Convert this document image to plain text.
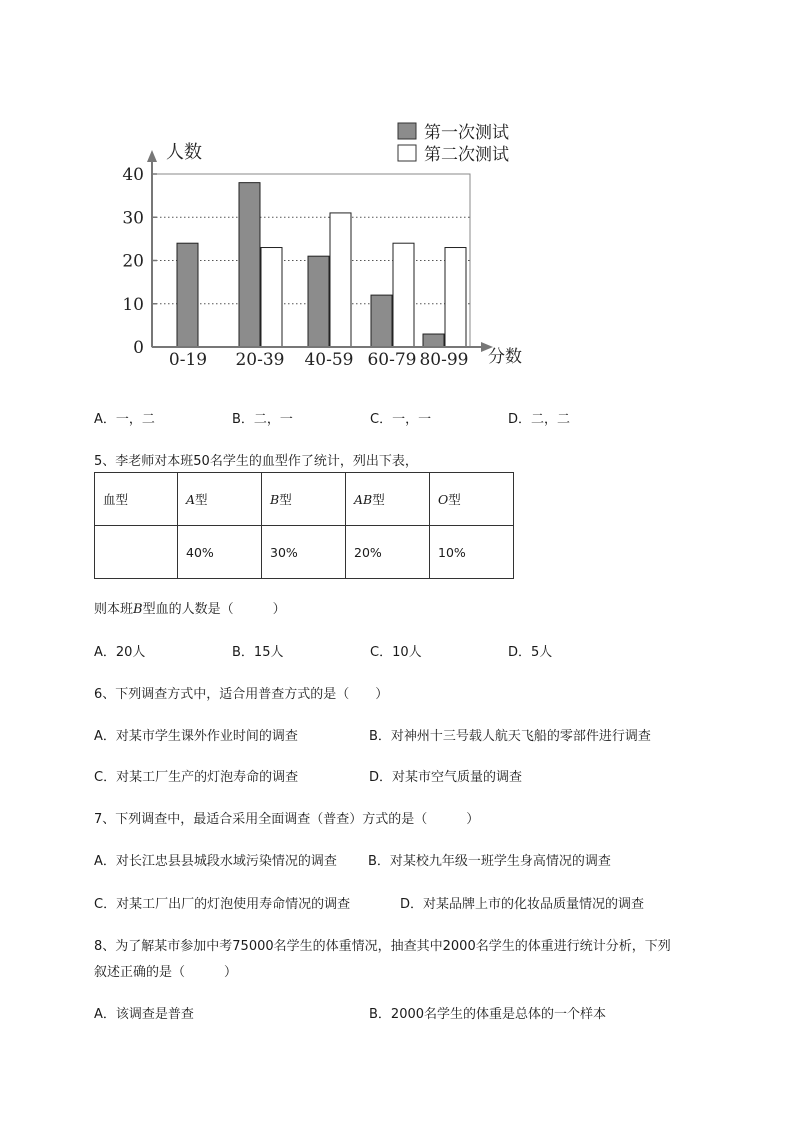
0
10
20
30
40
0-19 20-39 40-59 60-79 80-99
人数
分数
第一次测试
第二次测试
A．一，二	B．二，一	C．一，一	D．二，二
5、李老师对本班50名学生的血型作了统计，列出下表，
血型	A型	B型	AB型	O型
	40%	30%	20%	10%
则本班B型血的人数是（　　　）
A．20人	B．15人	C．10人	D．5人
6、下列调查方式中，适合用普查方式的是（　　）
A．对某市学生课外作业时间的调查	B．对神州十三号载人航天飞船的零部件进行调查
C．对某工厂生产的灯泡寿命的调查	D．对某市空气质量的调查
7、下列调查中，最适合采用全面调查（普查）方式的是（　　　）
A．对长江忠县县城段水域污染情况的调查 B．对某校九年级一班学生身高情况的调查
C．对某工厂出厂的灯泡使用寿命情况的调查	D．对某品牌上市的化妆品质量情况的调查
8、为了解某市参加中考75000名学生的体重情况，抽查其中2000名学生的体重进行统计分析，下列
叙述正确的是（　　　）
A．该调查是普查	B．2000名学生的体重是总体的一个样本
